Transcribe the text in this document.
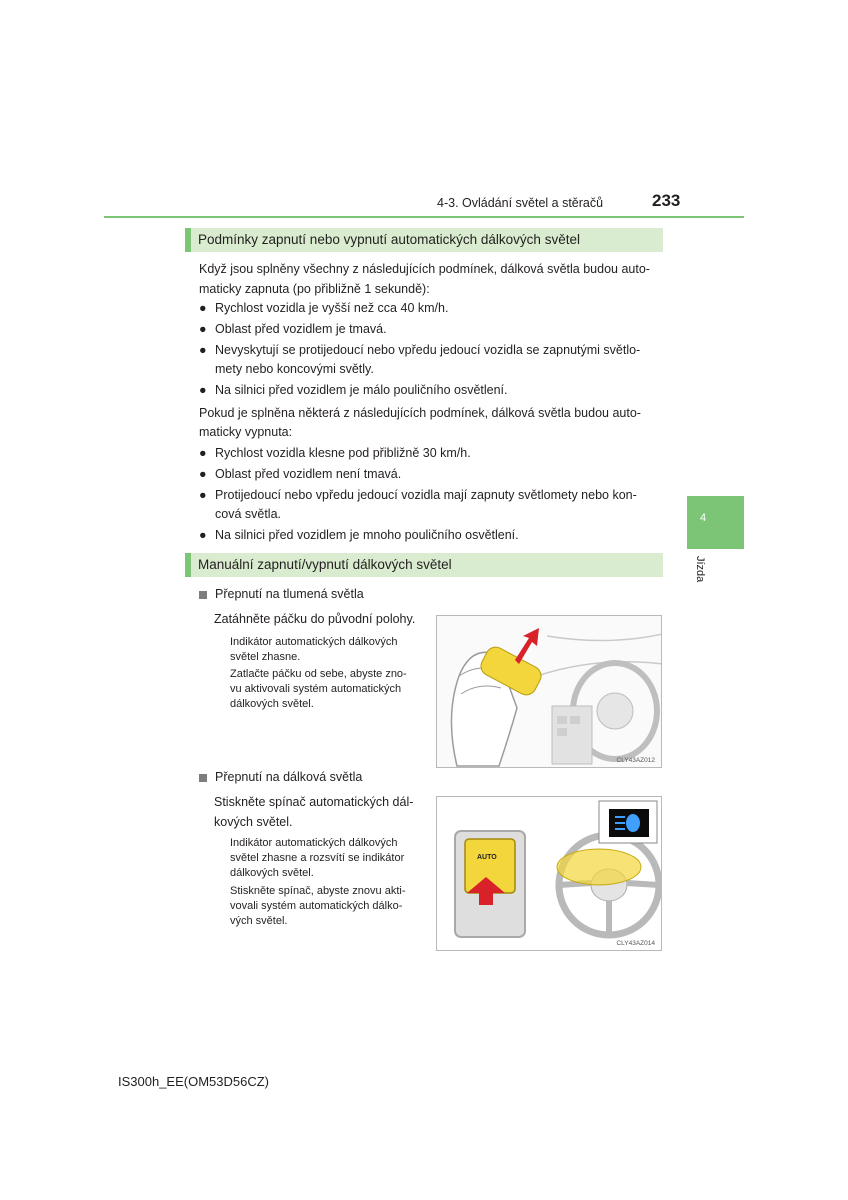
4-3. Ovládání světel a stěračů	233
4
Jízda
Podmínky zapnutí nebo vypnutí automatických dálkových světel
Když jsou splněny všechny z následujících podmínek, dálková světla budou auto-
maticky zapnuta (po přibližně 1 sekundě):
● Rychlost vozidla je vyšší než cca 40 km/h.
● Oblast před vozidlem je tmavá.
● Nevyskytují se protijedoucí nebo vpředu jedoucí vozidla se zapnutými světlo-
mety nebo koncovými světly.
● Na silnici před vozidlem je málo pouličního osvětlení.
Pokud je splněna některá z následujících podmínek, dálková světla budou auto-
maticky vypnuta:
● Rychlost vozidla klesne pod přibližně 30 km/h.
● Oblast před vozidlem není tmavá.
● Protijedoucí nebo vpředu jedoucí vozidla mají zapnuty světlomety nebo kon-
cová světla.
● Na silnici před vozidlem je mnoho pouličního osvětlení.
Manuální zapnutí/vypnutí dálkových světel
Přepnutí na tlumená světla
Zatáhněte páčku do původní polohy.
Indikátor automatických dálkových
světel zhasne.
Zatlačte páčku od sebe, abyste zno-
vu aktivovali systém automatických
dálkových světel.
CLY43AZ012
Přepnutí na dálková světla
Stiskněte spínač automatických dál-
kových světel.
Indikátor automatických dálkových
světel zhasne a rozsvítí se indikátor
dálkových světel.
Stiskněte spínač, abyste znovu akti-
vovali systém automatických dálko-
vých světel.
AUTO
CLY43AZ014
IS300h_EE(OM53D56CZ)
